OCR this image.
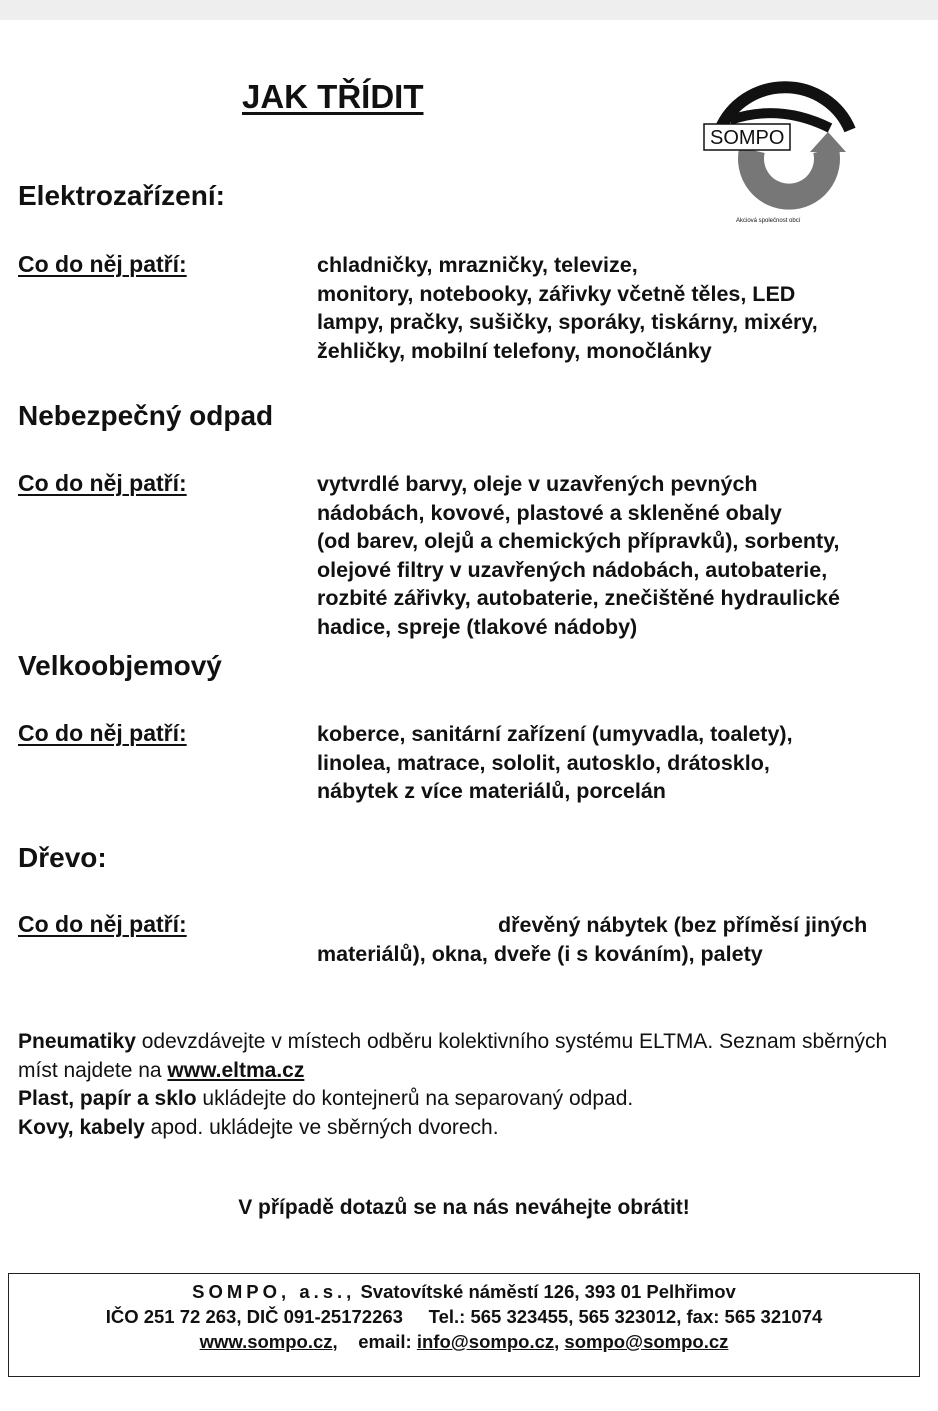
JAK TŘÍDIT
SOMPO
Akciová společnost obcí
Elektrozařízení:
Co do něj patří:	chladničky, mrazničky, televize,
monitory, notebooky, zářivky včetně těles, LED
lampy, pračky, sušičky, sporáky, tiskárny, mixéry,
žehličky, mobilní telefony, monočlánky
Nebezpečný odpad
Co do něj patří:	vytvrdlé barvy, oleje v uzavřených pevných
nádobách, kovové, plastové a skleněné obaly
(od barev, olejů a chemických přípravků), sorbenty,
olejové filtry v uzavřených nádobách, autobaterie,
rozbité zářivky, autobaterie, znečištěné hydraulické
hadice, spreje (tlakové nádoby)
Velkoobjemový
Co do něj patří:	koberce, sanitární zařízení (umyvadla, toalety),
linolea, matrace, sololit, autosklo, drátosklo,
nábytek z více materiálů, porcelán
Dřevo:
Co do něj patří:	dřevěný nábytek (bez příměsí jiných
materiálů), okna, dveře (i s kováním), palety

Pneumatiky odevzdávejte v místech odběru kolektivního systému ELTMA. Seznam sběrných míst najdete na www.eltma.cz

Plast, papír a sklo ukládejte do kontejnerů na separovaný odpad.

Kovy, kabely apod. ukládejte ve sběrných dvorech.

V případě dotazů se na nás neváhejte obrátit!

SOMPO, a.s., Svatovítské náměstí 126, 393 01 Pelhřimov
IČO 251 72 263, DIČ 091-25172263 Tel.: 565 323455, 565 323012, fax: 565 321074
www.sompo.cz,    email: info@sompo.cz, sompo@sompo.cz
